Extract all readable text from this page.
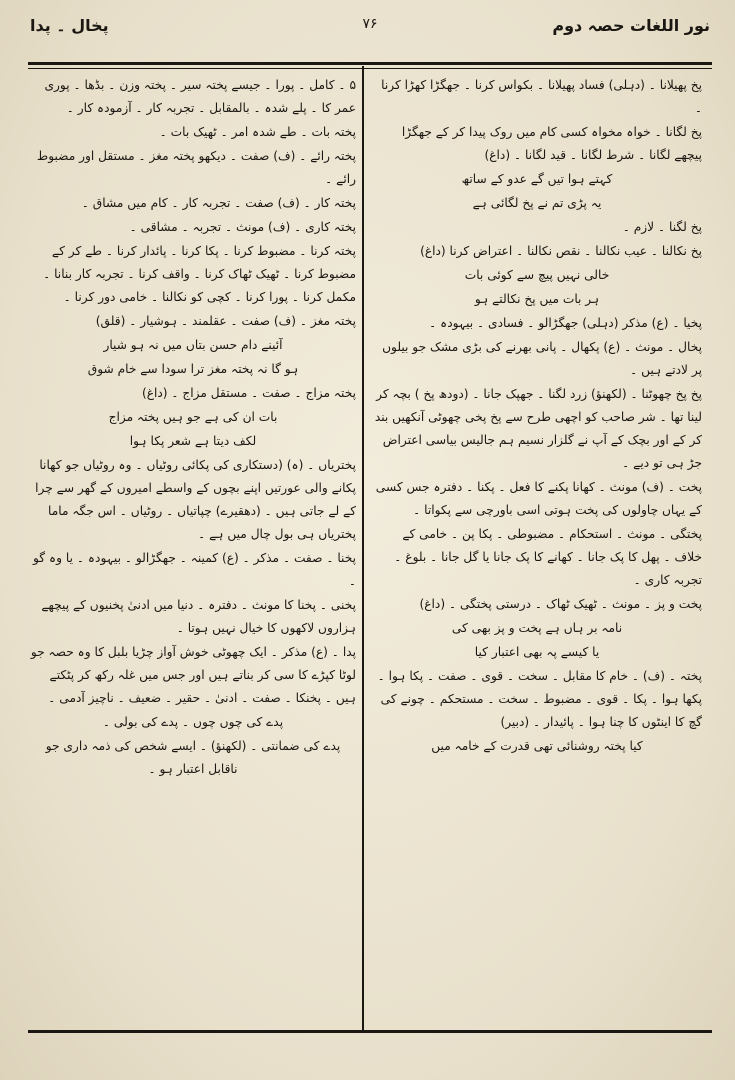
نور اللغات حصہ دوم
۷۶
پخال ۔ پدا
پخ پھیلانا ۔ (دہلی) فساد پھیلانا ۔ بکواس کرنا ۔ جھگڑا کھڑا کرنا ۔
پخ لگانا ۔ خواہ مخواہ کسی کام میں روک پیدا کر کے جھگڑا پیچھے لگانا ۔ شرط لگانا ۔ قید لگانا ۔ (داغ)
کہتے ہوا تیں گے عدو کے ساتھ
یہ پڑی تم نے پخ لگائی ہے
پخ لگنا ۔ لازم ۔
پخ نکالنا ۔ عیب نکالنا ۔ نقص نکالنا ۔ اعتراض کرنا (داغ)
خالی نہیں پیچ سے کوئی بات
ہر بات میں پخ نکالتے ہو
پخیا ۔ (ع) مذکر (دہلی) جھگڑالو ۔ فسادی ۔ بیہودہ ۔
پخال ۔ مونث ۔ (ع) پکھال ۔ پانی بھرنے کی بڑی مشک جو بیلوں پر لادتے ہیں ۔
پخ پخ چھوٹنا ۔ (لکھنؤ) زرد لگنا ۔ جھپک جانا ۔ (دودھ پخ ) بچہ کر لینا تھا ۔ شر صاحب کو اچھی طرح سے پخ پخی چھوٹی آنکھیں بند کر کے اور بچک کے آپ نے گلزار نسیم ہم جالیس بیاسی اعتراض جڑ ہی تو دیے ۔
پخت ۔ (ف) مونث ۔ کھانا پکنے کا فعل ۔ پکنا ۔ دفترہ جس کسی کے یہاں چاولوں کی پخت ہوتی اسی باورچی سے پکواتا ۔
پختگی ۔ مونث ۔ استحکام ۔ مضبوطی ۔ پکا پن ۔ خامی کے خلاف ۔ پھل کا پک جانا ۔ کھانے کا پک جانا یا گل جانا ۔ بلوغ ۔ تجربہ کاری ۔
پخت و پز ۔ مونث ۔ ٹھیک ٹھاک ۔ درستی پختگی ۔ (داغ)
نامہ بر ہاں ہے پخت و پز بھی کی
یا کیسے پہ بھی اعتبار کیا
پختہ ۔ (ف) ۔ خام کا مقابل ۔ سخت ۔ قوی ۔ صفت ۔ پکا ہوا ۔ پکھا ہوا ۔ پکا ۔ قوی ۔ مضبوط ۔ سخت ۔ مستحکم ۔ چونے کی گچ کا اینٹوں کا چنا ہوا ۔ پائیدار ۔ (دبیر)
کیا پختہ روشنائی تھی قدرت کے خامہ میں
۵ ۔ کامل ۔ پورا ۔ جیسے پختہ سیر ۔ پختہ وزن ۔ بڈھا ۔ پوری عمر کا ۔ پلے شدہ ۔ بالمقابل ۔ تجربہ کار ۔ آزمودہ کار ۔
پختہ بات ۔ طے شدہ امر ۔ ٹھیک بات ۔
پختہ رائے ۔ (ف) صفت ۔ دیکھو پختہ مغز ۔ مستقل اور مضبوط رائے ۔
پختہ کار ۔ (ف) صفت ۔ تجربہ کار ۔ کام میں مشاق ۔
پختہ کاری ۔ (ف) مونث ۔ تجربہ ۔ مشاقی ۔
پختہ کرنا ۔ مضبوط کرنا ۔ پکا کرنا ۔ پائدار کرنا ۔ طے کر کے مضبوط کرنا ۔ ٹھیک ٹھاک کرنا ۔ واقف کرنا ۔ تجربہ کار بنانا ۔ مکمل کرنا ۔ پورا کرنا ۔ کچی کو نکالنا ۔ خامی دور کرنا ۔
پختہ مغز ۔ (ف) صفت ۔ عقلمند ۔ ہوشیار ۔ (قلق)
آئینے دام حسن بتاں میں نہ ہو شیار
ہو گا نہ پختہ مغز ترا سودا سے خام شوق
پختہ مزاج ۔ صفت ۔ مستقل مزاج ۔ (داغ)
بات ان کی ہے جو ہیں پختہ مزاج
لکف دیتا ہے شعر پکا ہوا
پختریاں ۔ (ہ) (دستکاری کی پکائی روٹیاں ۔ وہ روٹیاں جو کھانا پکانے والی عورتیں اپنے بچوں کے واسطے امیروں کے گھر سے چرا کے لے جاتی ہیں ۔ (دھقیرے) چپاتیاں ۔ روٹیاں ۔ اس جگہ ماما پختریاں ہی بول چال میں ہے ۔
پخنا ۔ صفت ۔ مذکر ۔ (ع) کمینہ ۔ جھگڑالو ۔ بیہودہ ۔ یا وہ گو ۔
پخنی ۔ پخنا کا مونث ۔ دفترہ ۔ دنیا میں ادنیٰ پخنیوں کے پیچھے ہزاروں لاکھوں کا خیال نہیں ہوتا ۔
پدا ۔ (ع) مذکر ۔ ایک چھوٹی خوش آواز چڑیا بلبل کا وہ حصہ جو لوٹا کپڑے کا سی کر بناتے ہیں اور جس میں غلہ رکھ کر پٹکتے ہیں ۔ پخنکا ۔ صفت ۔ ادنیٰ ۔ حقیر ۔ ضعیف ۔ ناچیز آدمی ۔
پدے کی چوں چوں ۔ پدے کی بولی ۔
پدے کی ضمانتی ۔ (لکھنؤ) ۔ ایسے شخص کی ذمہ داری جو ناقابل اعتبار ہو ۔
